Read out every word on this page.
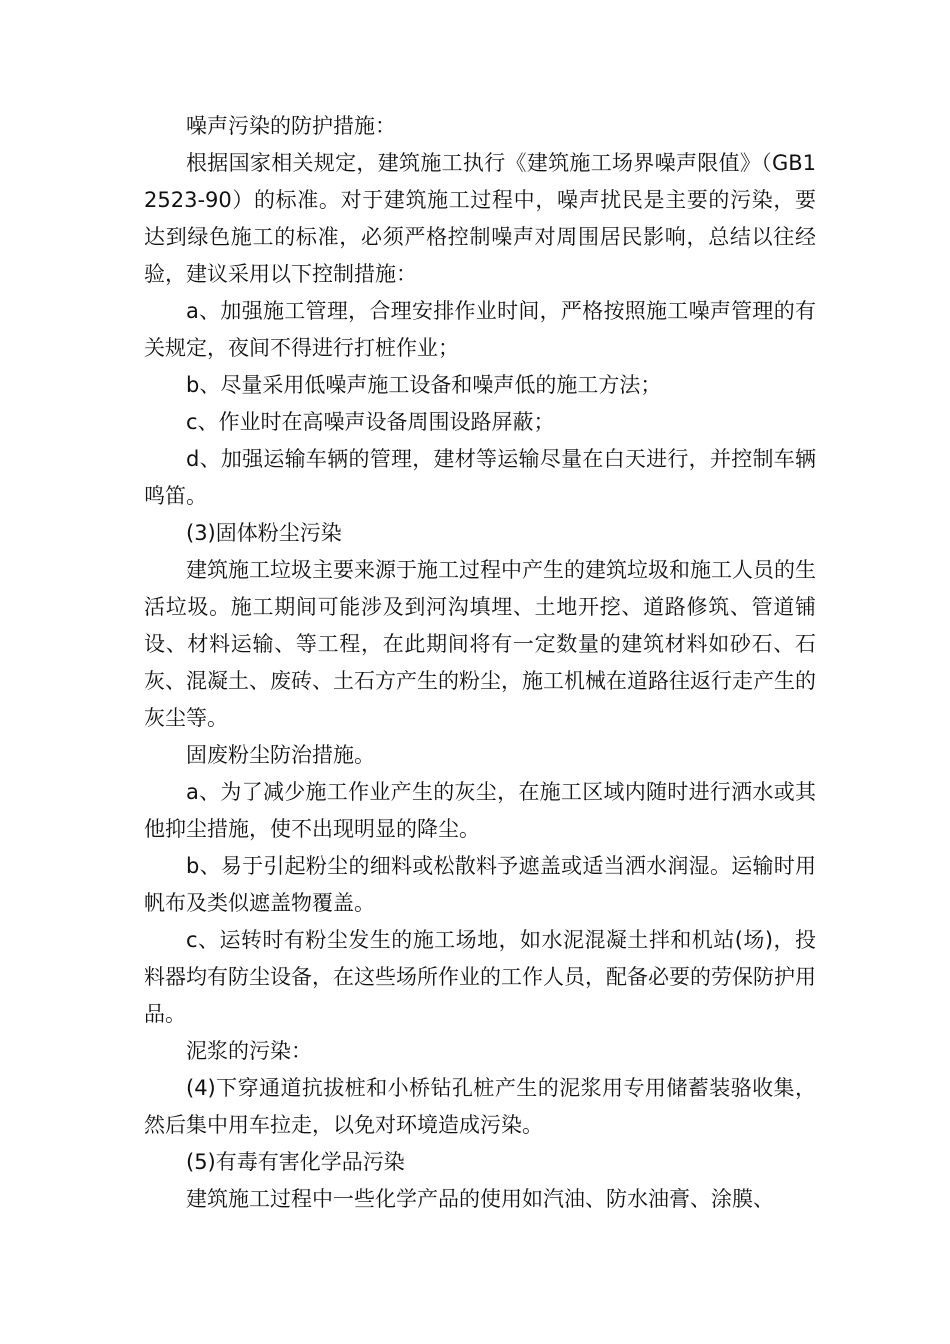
噪声污染的防护措施：

根据国家相关规定，建筑施工执行《建筑施工场界噪声限值》（GB12523-90）的标准。对于建筑施工过程中，噪声扰民是主要的污染，要达到绿色施工的标准，必须严格控制噪声对周围居民影响，总结以往经验，建议采用以下控制措施：

a、加强施工管理，合理安排作业时间，严格按照施工噪声管理的有关规定，夜间不得进行打桩作业；

b、尽量采用低噪声施工设备和噪声低的施工方法；

c、作业时在高噪声设备周围设路屏蔽；

d、加强运输车辆的管理，建材等运输尽量在白天进行，并控制车辆鸣笛。

(3)固体粉尘污染

建筑施工垃圾主要来源于施工过程中产生的建筑垃圾和施工人员的生活垃圾。施工期间可能涉及到河沟填埋、土地开挖、道路修筑、管道铺设、材料运输、等工程，在此期间将有一定数量的建筑材料如砂石、石灰、混凝土、废砖、土石方产生的粉尘，施工机械在道路往返行走产生的灰尘等。

固废粉尘防治措施。

a、为了减少施工作业产生的灰尘，在施工区域内随时进行洒水或其他抑尘措施，使不出现明显的降尘。

b、易于引起粉尘的细料或松散料予遮盖或适当洒水润湿。运输时用帆布及类似遮盖物覆盖。

c、运转时有粉尘发生的施工场地，如水泥混凝土拌和机站(场)，投料器均有防尘设备，在这些场所作业的工作人员，配备必要的劳保防护用品。

泥浆的污染：

(4)下穿通道抗拔桩和小桥钻孔桩产生的泥浆用专用储蓄装骆收集，然后集中用车拉走，以免对环境造成污染。

(5)有毒有害化学品污染

建筑施工过程中一些化学产品的使用如汽油、防水油膏、涂膜、
